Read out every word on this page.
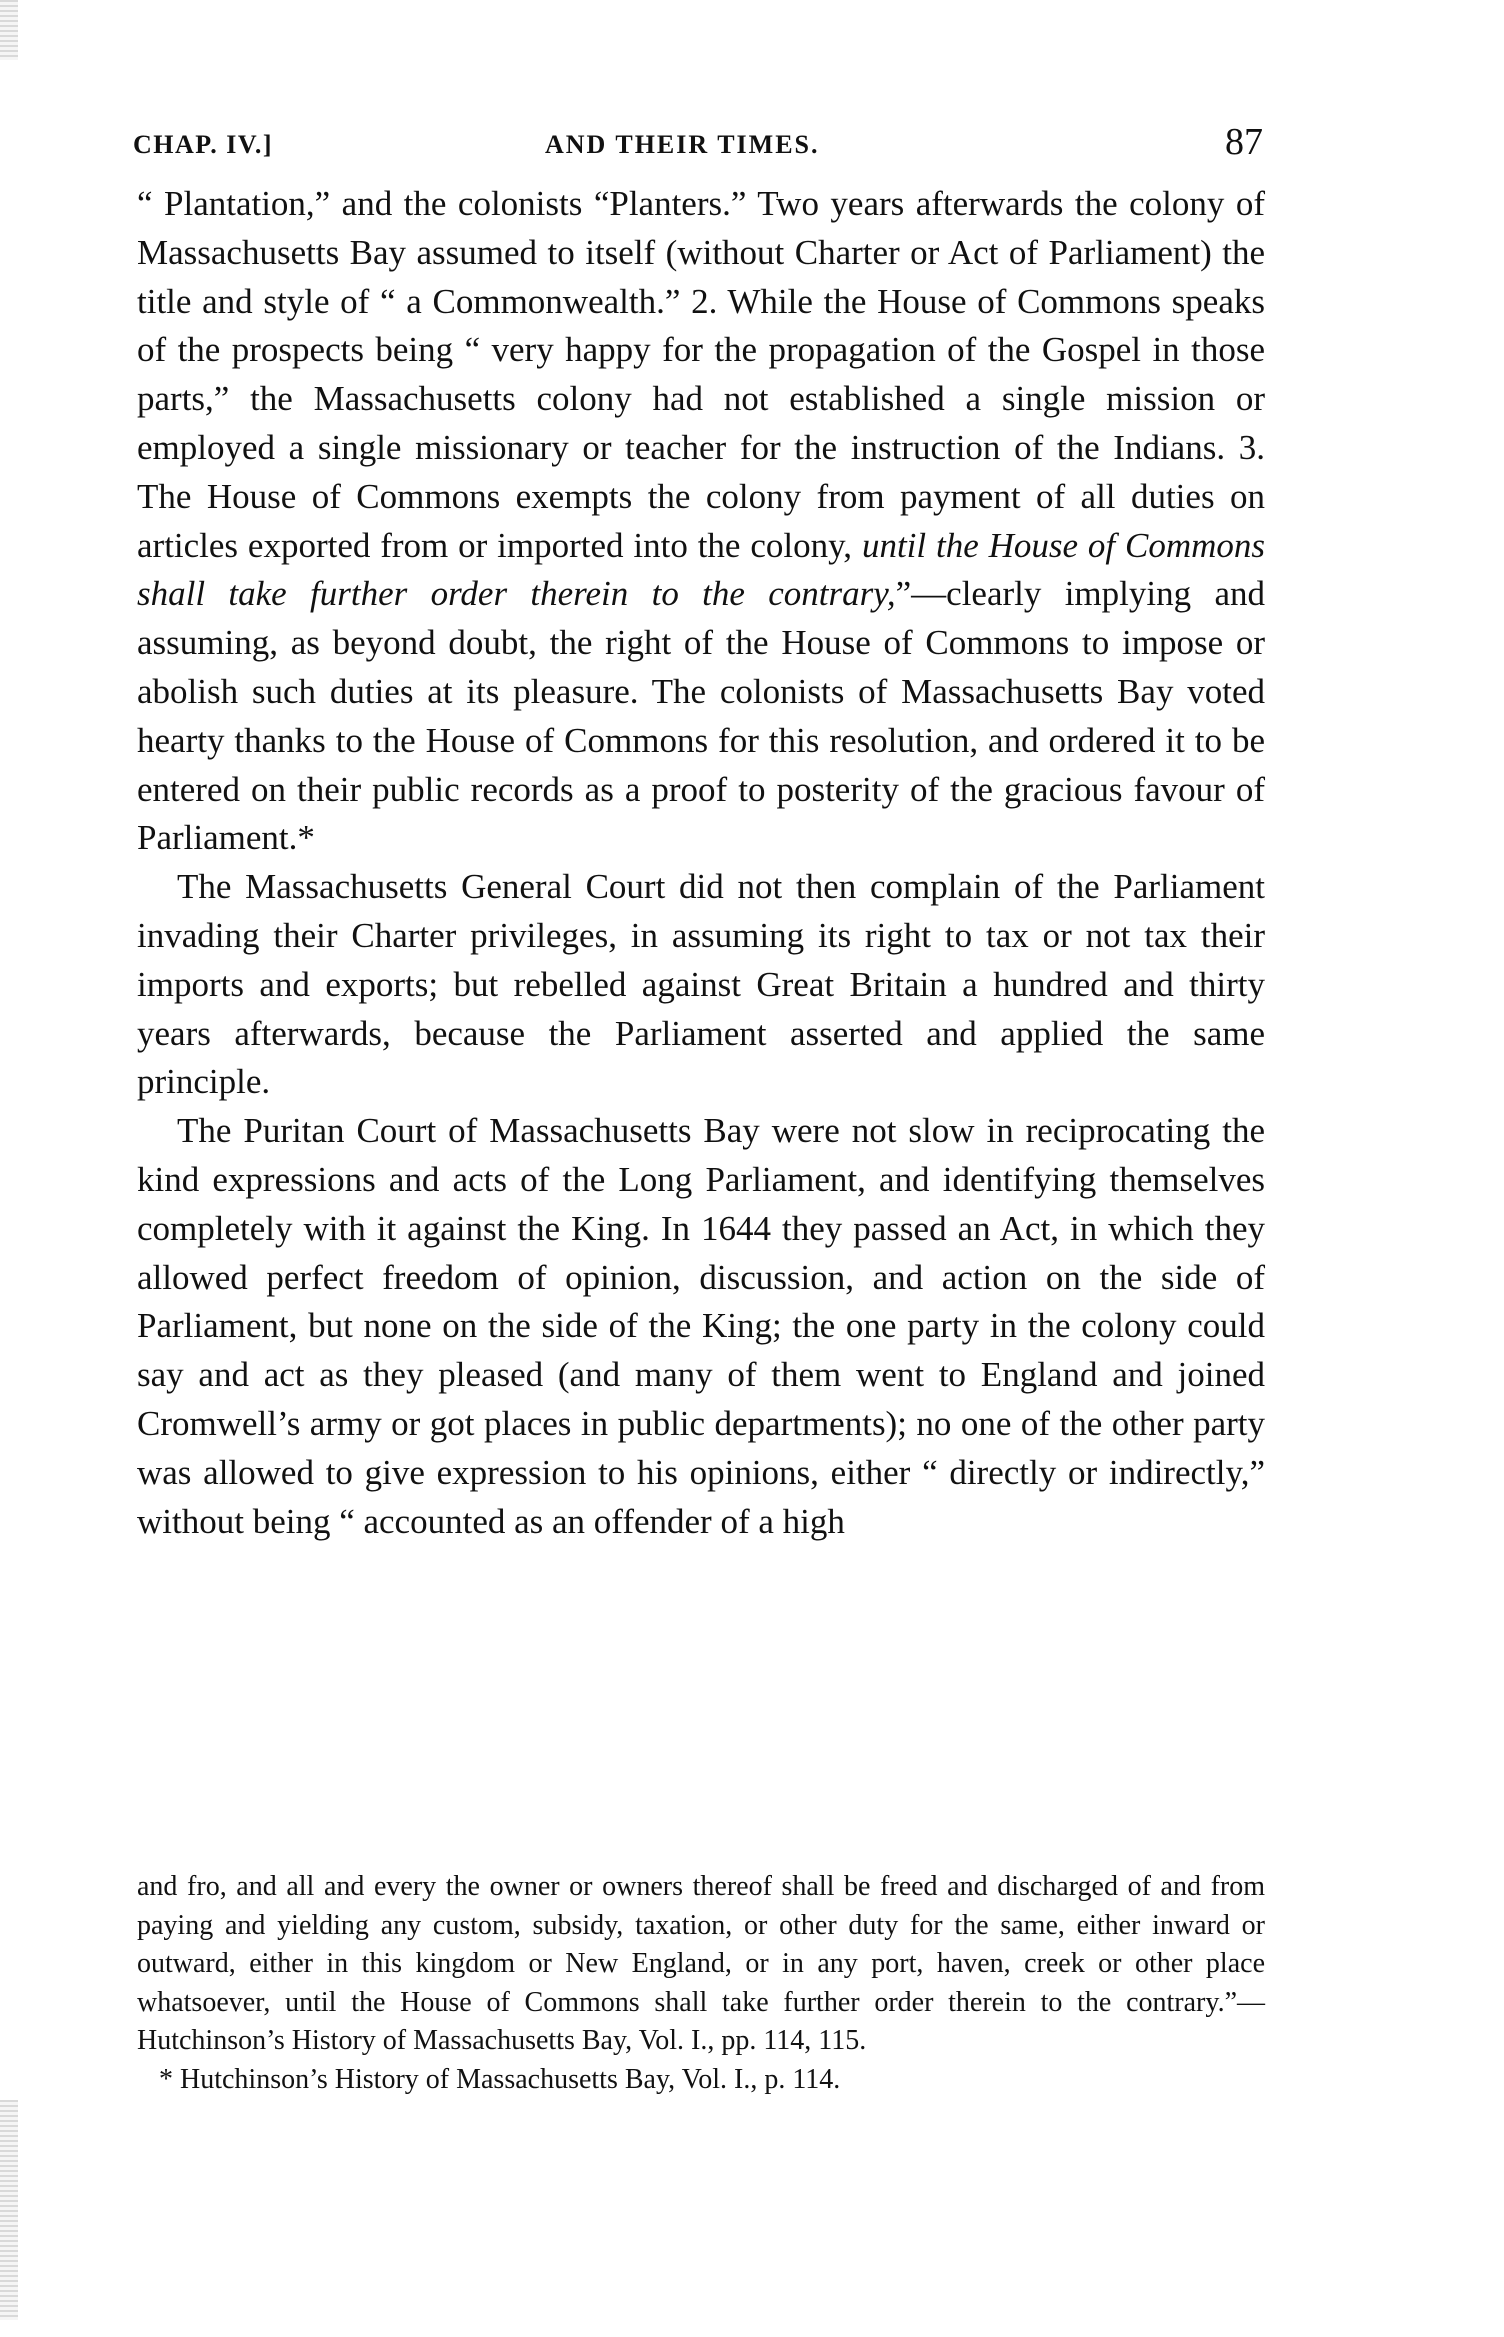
CHAP. IV.]	AND THEIR TIMES.	87

“ Plantation,” and the colonists “Planters.” Two years afterwards the colony of Massachusetts Bay assumed to itself (without Charter or Act of Parliament) the title and style of “ a Commonwealth.” 2. While the House of Commons speaks of the prospects being “ very happy for the propagation of the Gospel in those parts,” the Massachusetts colony had not established a single mission or employed a single missionary or teacher for the instruction of the Indians. 3. The House of Commons exempts the colony from payment of all duties on articles exported from or imported into the colony, until the House of Commons shall take further order therein to the contrary,”—clearly implying and assuming, as beyond doubt, the right of the House of Commons to impose or abolish such duties at its pleasure. The colonists of Massachusetts Bay voted hearty thanks to the House of Commons for this resolution, and ordered it to be entered on their public records as a proof to posterity of the gracious favour of Parliament.*

The Massachusetts General Court did not then complain of the Parliament invading their Charter privileges, in assuming its right to tax or not tax their imports and exports; but rebelled against Great Britain a hundred and thirty years afterwards, because the Parliament asserted and applied the same principle.

The Puritan Court of Massachusetts Bay were not slow in reciprocating the kind expressions and acts of the Long Parliament, and identifying themselves completely with it against the King. In 1644 they passed an Act, in which they allowed perfect freedom of opinion, discussion, and action on the side of Parliament, but none on the side of the King; the one party in the colony could say and act as they pleased (and many of them went to England and joined Cromwell’s army or got places in public departments); no one of the other party was allowed to give expression to his opinions, either “ directly or indirectly,” without being “ accounted as an offender of a high

and fro, and all and every the owner or owners thereof shall be freed and discharged of and from paying and yielding any custom, subsidy, taxation, or other duty for the same, either inward or outward, either in this kingdom or New England, or in any port, haven, creek or other place whatsoever, until the House of Commons shall take further order therein to the contrary.”— Hutchinson’s History of Massachusetts Bay, Vol. I., pp. 114, 115.

* Hutchinson’s History of Massachusetts Bay, Vol. I., p. 114.
